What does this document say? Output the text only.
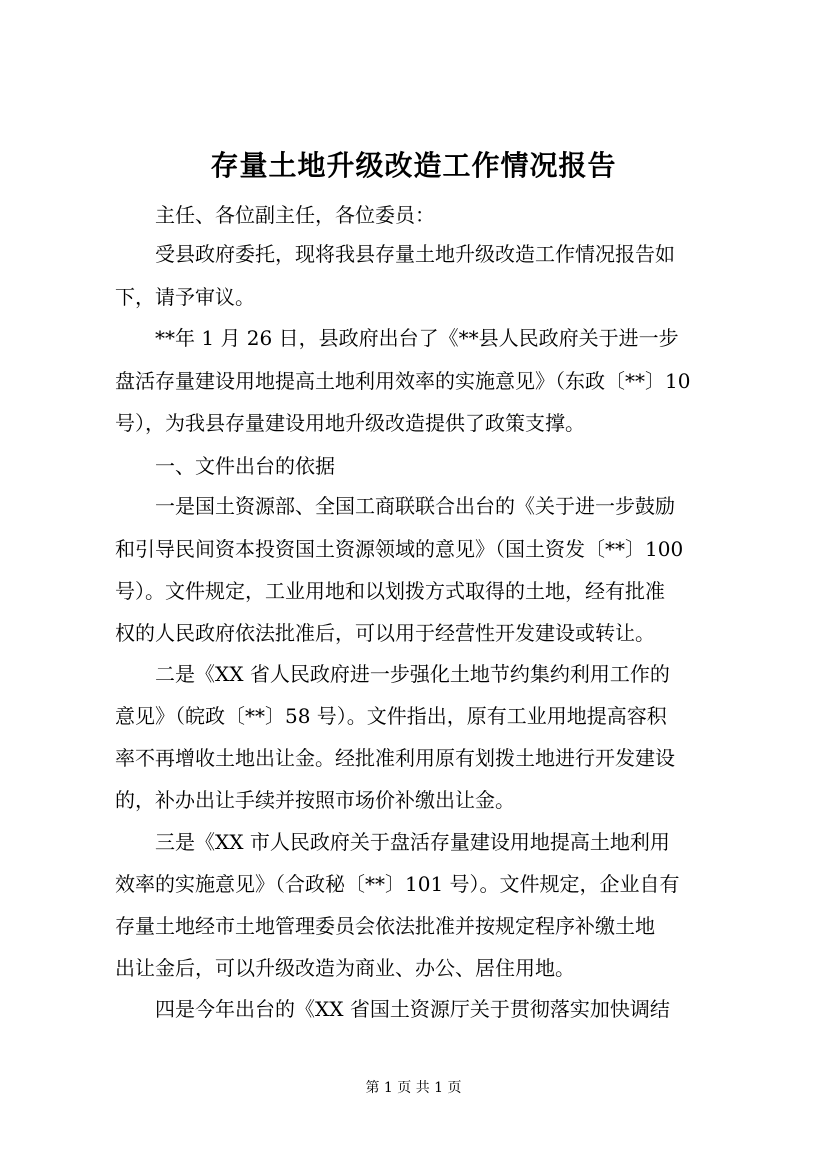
存量土地升级改造工作情况报告
主任、各位副主任，各位委员：
受县政府委托，现将我县存量土地升级改造工作情况报告如
下，请予审议。
**年 1 月 26 日，县政府出台了《**县人民政府关于进一步
盘活存量建设用地提高土地利用效率的实施意见》（东政〔**〕10
号），为我县存量建设用地升级改造提供了政策支撑。
一、文件出台的依据
一是国土资源部、全国工商联联合出台的《关于进一步鼓励
和引导民间资本投资国土资源领域的意见》（国土资发〔**〕100
号）。文件规定，工业用地和以划拨方式取得的土地，经有批准
权的人民政府依法批准后，可以用于经营性开发建设或转让。
二是《XX 省人民政府进一步强化土地节约集约利用工作的
意见》（皖政〔**〕58 号）。文件指出，原有工业用地提高容积
率不再增收土地出让金。经批准利用原有划拨土地进行开发建设
的，补办出让手续并按照市场价补缴出让金。
三是《XX 市人民政府关于盘活存量建设用地提高土地利用
效率的实施意见》（合政秘〔**〕101 号）。文件规定，企业自有
存量土地经市土地管理委员会依法批准并按规定程序补缴土地
出让金后，可以升级改造为商业、办公、居住用地。
四是今年出台的《XX 省国土资源厅关于贯彻落实加快调结
第 1 页 共 1 页
